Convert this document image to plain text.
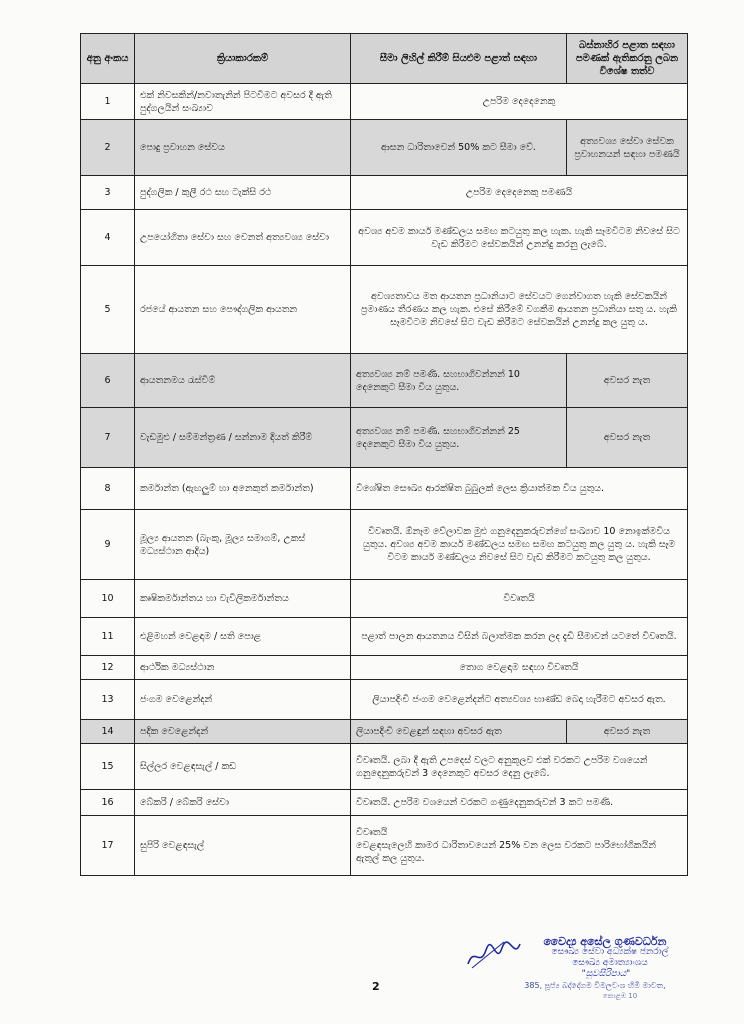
අනු අංකය	ක්‍රියාකාරකම්	සීමා ලිහිල් කිරීම් සියළුම පළාත් සඳහා	බස්නාහිර පළාත සඳහා පමණක් ඇතිකරනු ලබන විශේෂ තත්ව
1	එක් නිවසකින්/නවාතැනින් පිටවීමට අවසර දී ඇති පුද්ගලයින් සංඛ්‍යාව	උපරිම දෙදෙනෙකු	
2	පොදු ප්‍රවාහන සේවය	ආසන ධාරිතාවෙන් 50% කට සීමා වේ.	අත්‍යවශ්‍ය සේවා සේවක ප්‍රවාහනයන් සඳහා පමණයි
3	පුද්ගලික / කුලී රථ සහ ටැක්සි රථ	උපරිම දෙදෙනෙකු පමණයි	
4	උපයෝගිතා සේවා සහ වෙනත් අත්‍යවශ්‍ය සේවා	අවශ්‍ය අවම කාර්ය මණ්ඩලය සමඟ කටයුතු කල හැක. හැකි සෑමවිටම නිවසේ සිට වැඩ කිරීමට සේවකයින් උනන්දු කරනු ලැබේ.	
5	රජයේ ආයතන සහ පෞද්ගලික ආයතන	අවශ්‍යතාවය මත ආයතන ප්‍රධානියාට සේවයට ගෙන්වාගත හැකි සේවකයින් ප්‍රමාණය තීරණය කල හැක. එසේ කිරීමේ වගකීම ආයතන ප්‍රධානියා සතු ය. හැකි සෑමවිටම නිවසේ සිට වැඩ කිරීමට සේවකයින් උනන්දු කල යුතු ය.	
6	ආයතනමය රැස්වීම්	අත්‍යවශ්‍ය නම් පමණි. සහභාගිවන්නන් 10 දෙනෙකුට සීමා විය යුතුය.	අවසර නැත
7	වැඩමුළු / සම්මන්ත්‍රණ / සන්නාම දියත් කිරීම්	අත්‍යවශ්‍ය නම් පමණි. සහභාගිවන්නන් 25 දෙනෙකුට සීමා විය යුතුය.	අවසර නැත
8	කර්මාන්ත (ඇඟලුම් හා අනෙකුත් කර්මාන්ත)	විශේෂිත සෞඛ්‍ය ආරක්ෂිත බුබුලක් ලෙස ක්‍රියාත්මක විය යුතුය.	
9	මූල්‍ය ආයතන (බැංකු, මූල්‍ය සමාගම්, උකස් මධ්‍යස්ථාන ආදිය)	විවෘතයි. ඕනෑම වේලාවක මුළු ගනුදෙනුකරුවන්ගේ සංඛ්‍යාව 10 නොඉක්මවිය යුතුය. අවශ්‍ය අවම කාර්ය මණ්ඩලය සමඟ සමඟ කටයුතු කල යුතු ය. හැකි සෑම විටම කාර්ය මණ්ඩලය නිවසේ සිට වැඩ කිරීමට කටයුතු කල යුතුය.	
10	කෘෂිකර්මාන්තය හා වැවිලිකර්මාන්තය	විවෘතයි	
11	එළිමහන් වෙළඳාම / සති පොළ	පළාත් පාලන ආයතනය විසින් බලාත්මක කරන ලද දැඩි සීමාවන් යටතේ විවෘතයි.	
12	ආර්ථික මධ්‍යස්ථාන	තොග වෙළඳාම සඳහා විවෘතයි	
13	ජංගම වෙළෙන්දන්	ලියාපදිංචි ජංගම වෙළෙන්දන්ට අත්‍යවශ්‍ය භාණ්ඩ බෙදා හැරීමට අවසර ඇත.	
14	පදික වෙළෙන්දන්	ලියාපදිංචි වෙළඳුන් සඳහා අවසර ඇත	අවසර නැත
15	සිල්ලර වෙළඳසැල් / කඩ	විවෘතයි. ලබා දී ඇති උපදෙස් වලට අනුකූලව එක් වරකට උපරිම වශයෙන් ගනුදෙනුකරුවන් 3 දෙනෙකුට අවසර දෙනු ලැබේ.	
16	බේකරි / බේකරි සේවා	විවෘතයි. උපරිම වශයෙන් වරකට ගණුදෙනුකරුවන් 3 කට පමණි.	
17	සුපිරි වෙළඳසැල්	විවෘතයි
වෙළඳසැලෙහි කාමර ධාරිතාවයෙන් 25% වන ලෙස වරකට පාරිභෝගිකයින් ඇතුල් කල යුතුය.	
වෛද්‍ය අසේල ගුණවර්ධන
සෞඛ්‍ය සේවා අධ්‍යක්ෂ ජනරාල්
සෞඛ්‍ය අමාත්‍යාංශය
"සුවසිරිපාය"
385, පූජ්‍ය බද්දේගම විමලවංශ හිමි මාවත,
කොළඹ 10
2
